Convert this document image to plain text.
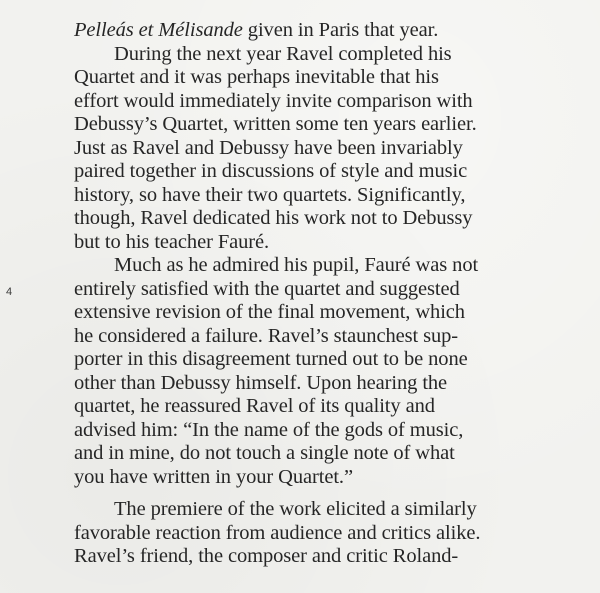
4
Pelleás et Mélisande given in Paris that year.
During the next year Ravel completed his
Quartet and it was perhaps inevitable that his
effort would immediately invite comparison with
Debussy’s Quartet, written some ten years earlier.
Just as Ravel and Debussy have been invariably
paired together in discussions of style and music
history, so have their two quartets. Significantly,
though, Ravel dedicated his work not to Debussy
but to his teacher Fauré.
Much as he admired his pupil, Fauré was not
entirely satisfied with the quartet and suggested
extensive revision of the final movement, which
he considered a failure. Ravel’s staunchest sup-
porter in this disagreement turned out to be none
other than Debussy himself. Upon hearing the
quartet, he reassured Ravel of its quality and
advised him: “In the name of the gods of music,
and in mine, do not touch a single note of what
you have written in your Quartet.”
The premiere of the work elicited a similarly
favorable reaction from audience and critics alike.
Ravel’s friend, the composer and critic Roland-
